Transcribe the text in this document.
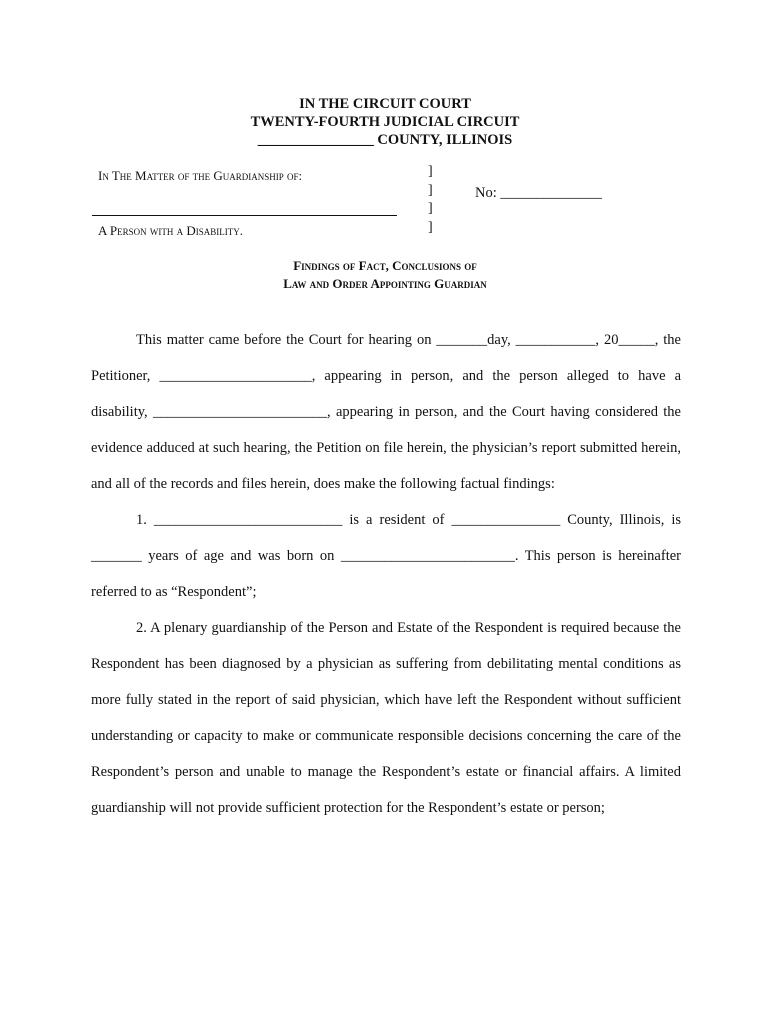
IN THE CIRCUIT COURT
TWENTY-FOURTH JUDICIAL CIRCUIT
________________ COUNTY, ILLINOIS
In The Matter of the Guardianship of:
A Person with a Disability.
]
]
]
]
No: ______________
Findings of Fact, Conclusions of
Law and Order Appointing Guardian

This matter came before the Court for hearing on _______day, ___________, 20_____, the Petitioner, _____________________, appearing in person, and the person alleged to have a disability, ________________________, appearing in person, and the Court having considered the evidence adduced at such hearing, the Petition on file herein, the physician’s report submitted herein, and all of the records and files herein, does make the following factual findings:

1. __________________________ is a resident of _______________ County, Illinois, is _______ years of age and was born on ________________________. This person is hereinafter referred to as “Respondent”;

2. A plenary guardianship of the Person and Estate of the Respondent is required because the Respondent has been diagnosed by a physician as suffering from debilitating mental conditions as more fully stated in the report of said physician, which have left the Respondent without sufficient understanding or capacity to make or communicate responsible decisions concerning the care of the Respondent’s person and unable to manage the Respondent’s estate or financial affairs. A limited guardianship will not provide sufficient protection for the Respondent’s estate or person;
